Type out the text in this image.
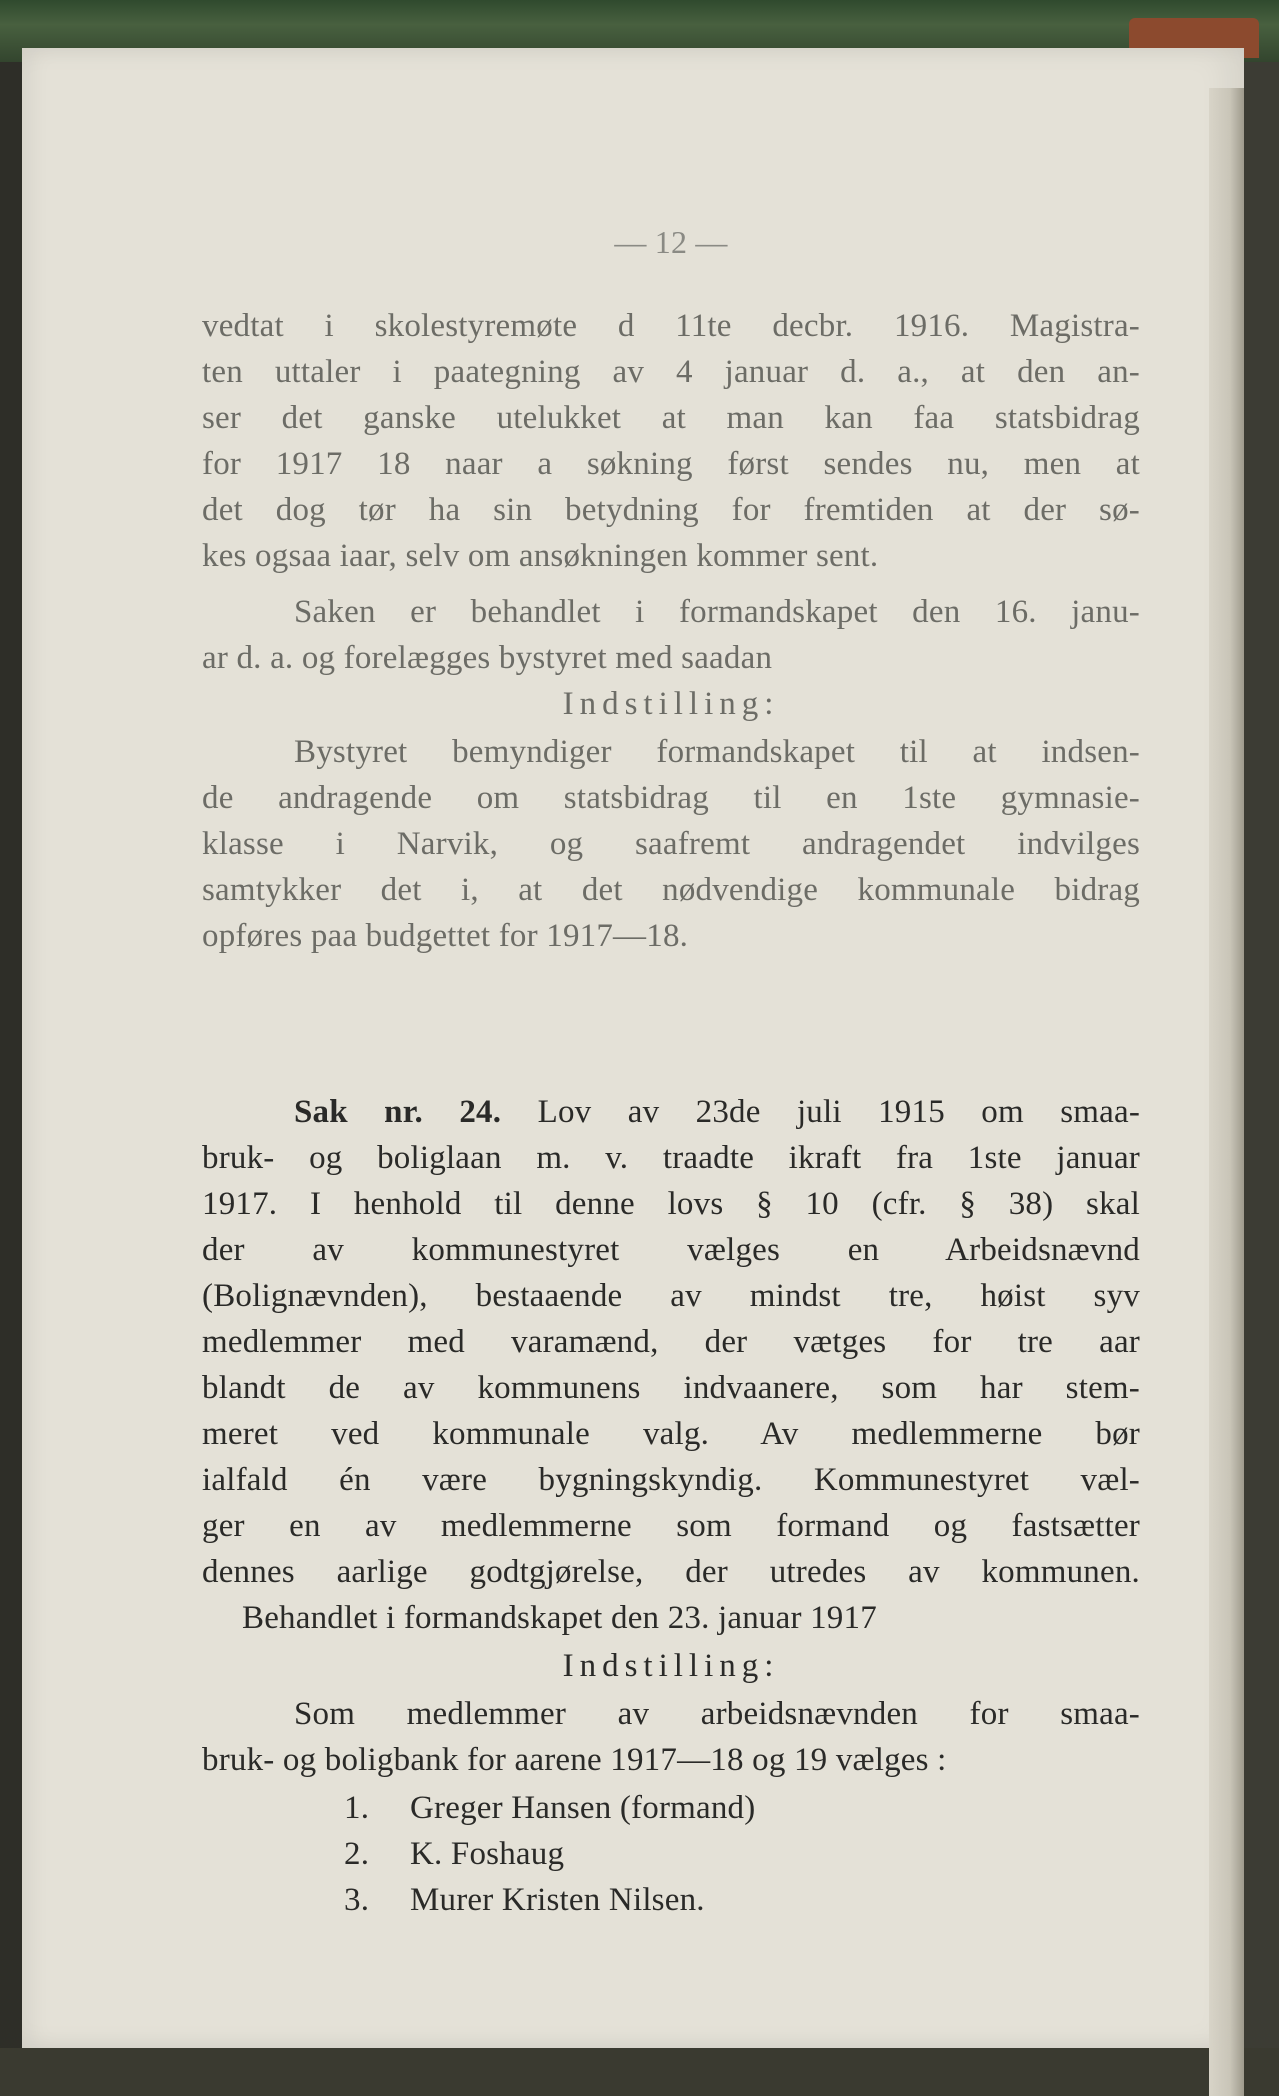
— 12 —
vedtat i skolestyremøte d 11te decbr. 1916. Magistra-
ten uttaler i paategning av 4 januar d. a., at den an-
ser det ganske utelukket at man kan faa statsbidrag
for 1917 18 naar a søkning først sendes nu, men at
det dog tør ha sin betydning for fremtiden at der sø-
kes ogsaa iaar, selv om ansøkningen kommer sent.
Saken er behandlet i formandskapet den 16. janu-
ar d. a. og forelægges bystyret med saadan
Indstilling:
Bystyret bemyndiger formandskapet til at indsen-
de andragende om statsbidrag til en 1ste gymnasie-
klasse i Narvik, og saafremt andragendet indvilges
samtykker det i, at det nødvendige kommunale bidrag
opføres paa budgettet for 1917—18.
Sak nr. 24. Lov av 23de juli 1915 om smaa-
bruk- og boliglaan m. v. traadte ikraft fra 1ste januar
1917. I henhold til denne lovs § 10 (cfr. § 38) skal
der av kommunestyret vælges en Arbeidsnævnd
(Bolignævnden), bestaaende av mindst tre, høist syv
medlemmer med varamænd, der vætges for tre aar
blandt de av kommunens indvaanere, som har stem-
meret ved kommunale valg. Av medlemmerne bør
ialfald én være bygningskyndig. Kommunestyret væl-
ger en av medlemmerne som formand og fastsætter
dennes aarlige godtgjørelse, der utredes av kommunen.
Behandlet i formandskapet den 23. januar 1917
Indstilling:
Som medlemmer av arbeidsnævnden for smaa-
bruk- og boligbank for aarene 1917—18 og 19 vælges :
1. Greger Hansen (formand)
2. K. Foshaug
3. Murer Kristen Nilsen.
